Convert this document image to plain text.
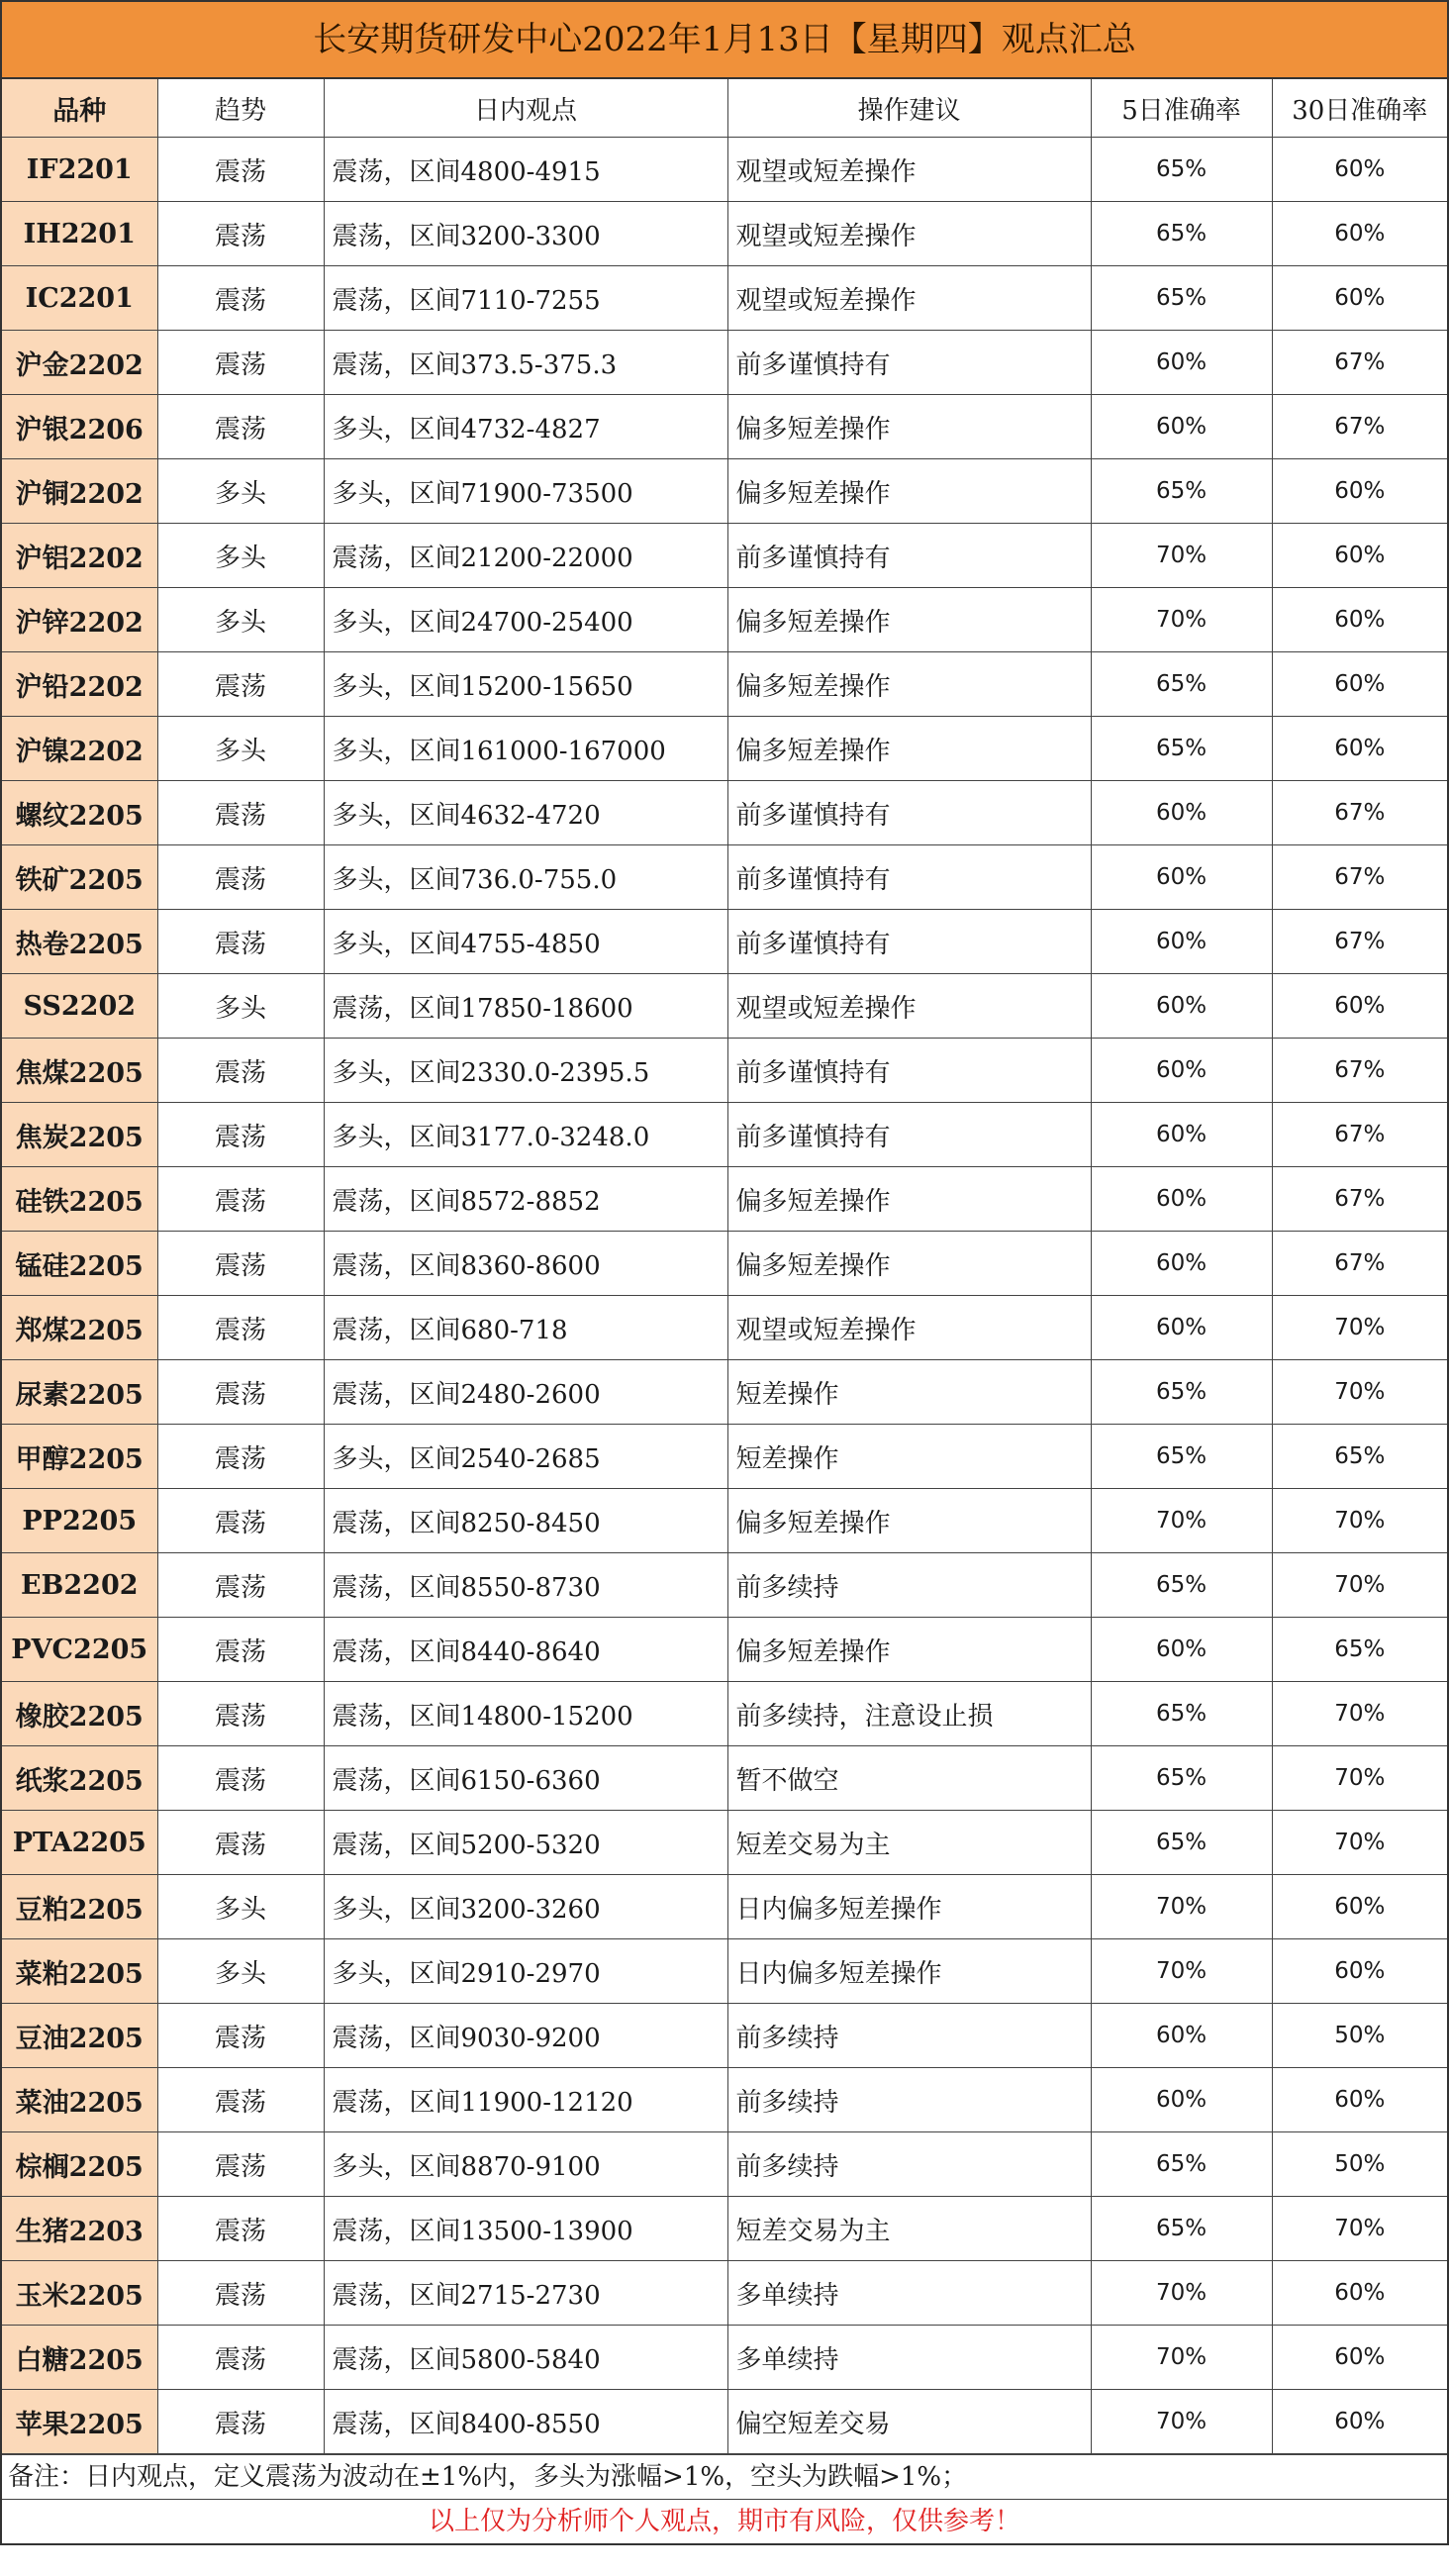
长安期货研发中心2022年1月13日【星期四】观点汇总
品种	趋势	日内观点	操作建议	5日准确率	30日准确率
IF2201	震荡	震荡，区间4800-4915	观望或短差操作	65%	60%
IH2201	震荡	震荡，区间3200-3300	观望或短差操作	65%	60%
IC2201	震荡	震荡，区间7110-7255	观望或短差操作	65%	60%
沪金2202	震荡	震荡，区间373.5-375.3	前多谨慎持有	60%	67%
沪银2206	震荡	多头，区间4732-4827	偏多短差操作	60%	67%
沪铜2202	多头	多头，区间71900-73500	偏多短差操作	65%	60%
沪铝2202	多头	震荡，区间21200-22000	前多谨慎持有	70%	60%
沪锌2202	多头	多头，区间24700-25400	偏多短差操作	70%	60%
沪铅2202	震荡	多头，区间15200-15650	偏多短差操作	65%	60%
沪镍2202	多头	多头，区间161000-167000	偏多短差操作	65%	60%
螺纹2205	震荡	多头，区间4632-4720	前多谨慎持有	60%	67%
铁矿2205	震荡	多头，区间736.0-755.0	前多谨慎持有	60%	67%
热卷2205	震荡	多头，区间4755-4850	前多谨慎持有	60%	67%
SS2202	多头	震荡，区间17850-18600	观望或短差操作	60%	60%
焦煤2205	震荡	多头，区间2330.0-2395.5	前多谨慎持有	60%	67%
焦炭2205	震荡	多头，区间3177.0-3248.0	前多谨慎持有	60%	67%
硅铁2205	震荡	震荡，区间8572-8852	偏多短差操作	60%	67%
锰硅2205	震荡	震荡，区间8360-8600	偏多短差操作	60%	67%
郑煤2205	震荡	震荡，区间680-718	观望或短差操作	60%	70%
尿素2205	震荡	震荡，区间2480-2600	短差操作	65%	70%
甲醇2205	震荡	多头，区间2540-2685	短差操作	65%	65%
PP2205	震荡	震荡，区间8250-8450	偏多短差操作	70%	70%
EB2202	震荡	震荡，区间8550-8730	前多续持	65%	70%
PVC2205	震荡	震荡，区间8440-8640	偏多短差操作	60%	65%
橡胶2205	震荡	震荡，区间14800-15200	前多续持，注意设止损	65%	70%
纸浆2205	震荡	震荡，区间6150-6360	暂不做空	65%	70%
PTA2205	震荡	震荡，区间5200-5320	短差交易为主	65%	70%
豆粕2205	多头	多头，区间3200-3260	日内偏多短差操作	70%	60%
菜粕2205	多头	多头，区间2910-2970	日内偏多短差操作	70%	60%
豆油2205	震荡	震荡，区间9030-9200	前多续持	60%	50%
菜油2205	震荡	震荡，区间11900-12120	前多续持	60%	60%
棕榈2205	震荡	多头，区间8870-9100	前多续持	65%	50%
生猪2203	震荡	震荡，区间13500-13900	短差交易为主	65%	70%
玉米2205	震荡	震荡，区间2715-2730	多单续持	70%	60%
白糖2205	震荡	震荡，区间5800-5840	多单续持	70%	60%
苹果2205	震荡	震荡，区间8400-8550	偏空短差交易	70%	60%
备注：日内观点，定义震荡为波动在±1%内，多头为涨幅>1%，空头为跌幅>1%；
以上仅为分析师个人观点，期市有风险，仅供参考！
